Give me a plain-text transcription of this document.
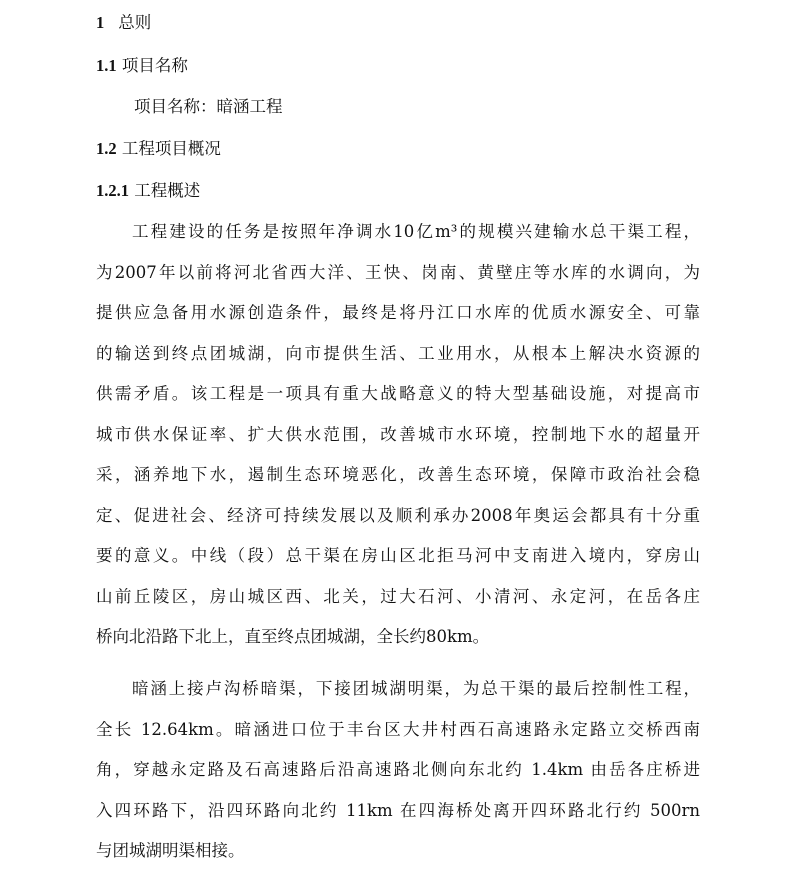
1 总则
1.1 项目名称
项目名称：暗涵工程
1.2 工程项目概况
1.2.1 工程概述
工程建设的任务是按照年净调水10亿m³的规模兴建输水总干渠工程，
为2007年以前将河北省西大洋、王快、岗南、黄壁庄等水库的水调向，为
提供应急备用水源创造条件，最终是将丹江口水库的优质水源安全、可靠
的输送到终点团城湖，向市提供生活、工业用水，从根本上解决水资源的
供需矛盾。该工程是一项具有重大战略意义的特大型基础设施，对提高市
城市供水保证率、扩大供水范围，改善城市水环境，控制地下水的超量开
采，涵养地下水，遏制生态环境恶化，改善生态环境，保障市政治社会稳
定、促进社会、经济可持续发展以及顺利承办2008年奥运会都具有十分重
要的意义。中线（段）总干渠在房山区北拒马河中支南进入境内，穿房山
山前丘陵区，房山城区西、北关，过大石河、小清河、永定河，在岳各庄
桥向北沿路下北上，直至终点团城湖，全长约80km。
暗涵上接卢沟桥暗渠，下接团城湖明渠，为总干渠的最后控制性工程，
全长 12.64km。暗涵进口位于丰台区大井村西石高速路永定路立交桥西南
角，穿越永定路及石高速路后沿高速路北侧向东北约 1.4km 由岳各庄桥进
入四环路下，沿四环路向北约 11km 在四海桥处离开四环路北行约 500rn
与团城湖明渠相接。
